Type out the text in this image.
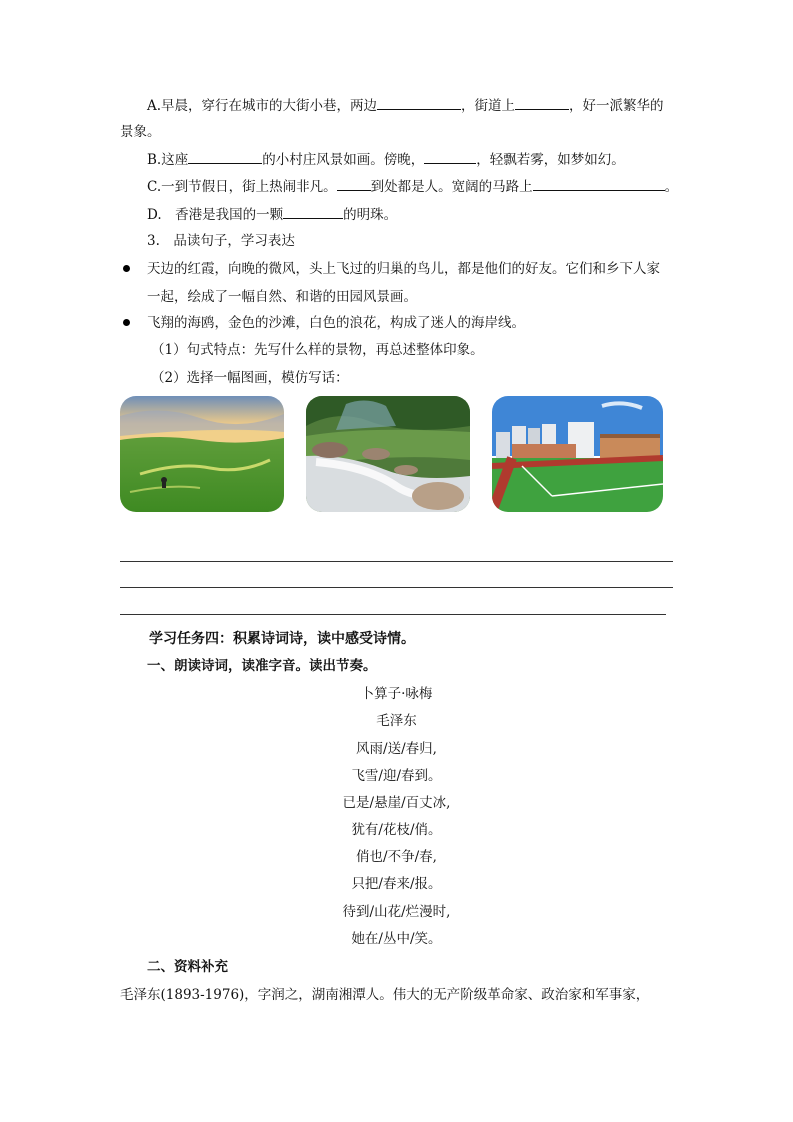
A.早晨，穿行在城市的大街小巷，两边	，街道上	，好一派繁华的
景象。
B.这座	的小村庄风景如画。傍晚，	，轻飘若雾，如梦如幻。
C.一到节假日，街上热闹非凡。	到处都是人。宽阔的马路上	。
D.　香港是我国的一颗	的明珠。
3.　品读句子，学习表达
天边的红霞，向晚的微风，头上飞过的归巢的鸟儿，都是他们的好友。它们和乡下人家
一起，绘成了一幅自然、和谐的田园风景画。
飞翔的海鸥，金色的沙滩，白色的浪花，构成了迷人的海岸线。
（1）句式特点：先写什么样的景物，再总述整体印象。
（2）选择一幅图画，模仿写话：
学习任务四：积累诗词诗，读中感受诗情。
一、朗读诗词，读准字音。读出节奏。
卜算子·咏梅
毛泽东
风雨/送/春归,
飞雪/迎/春到。
已是/悬崖/百丈冰,
犹有/花枝/俏。
俏也/不争/春,
只把/春来/报。
待到/山花/烂漫时,
她在/丛中/笑。
二、资料补充
毛泽东(1893-1976)，字润之，湖南湘潭人。伟大的无产阶级革命家、政治家和军事家，
